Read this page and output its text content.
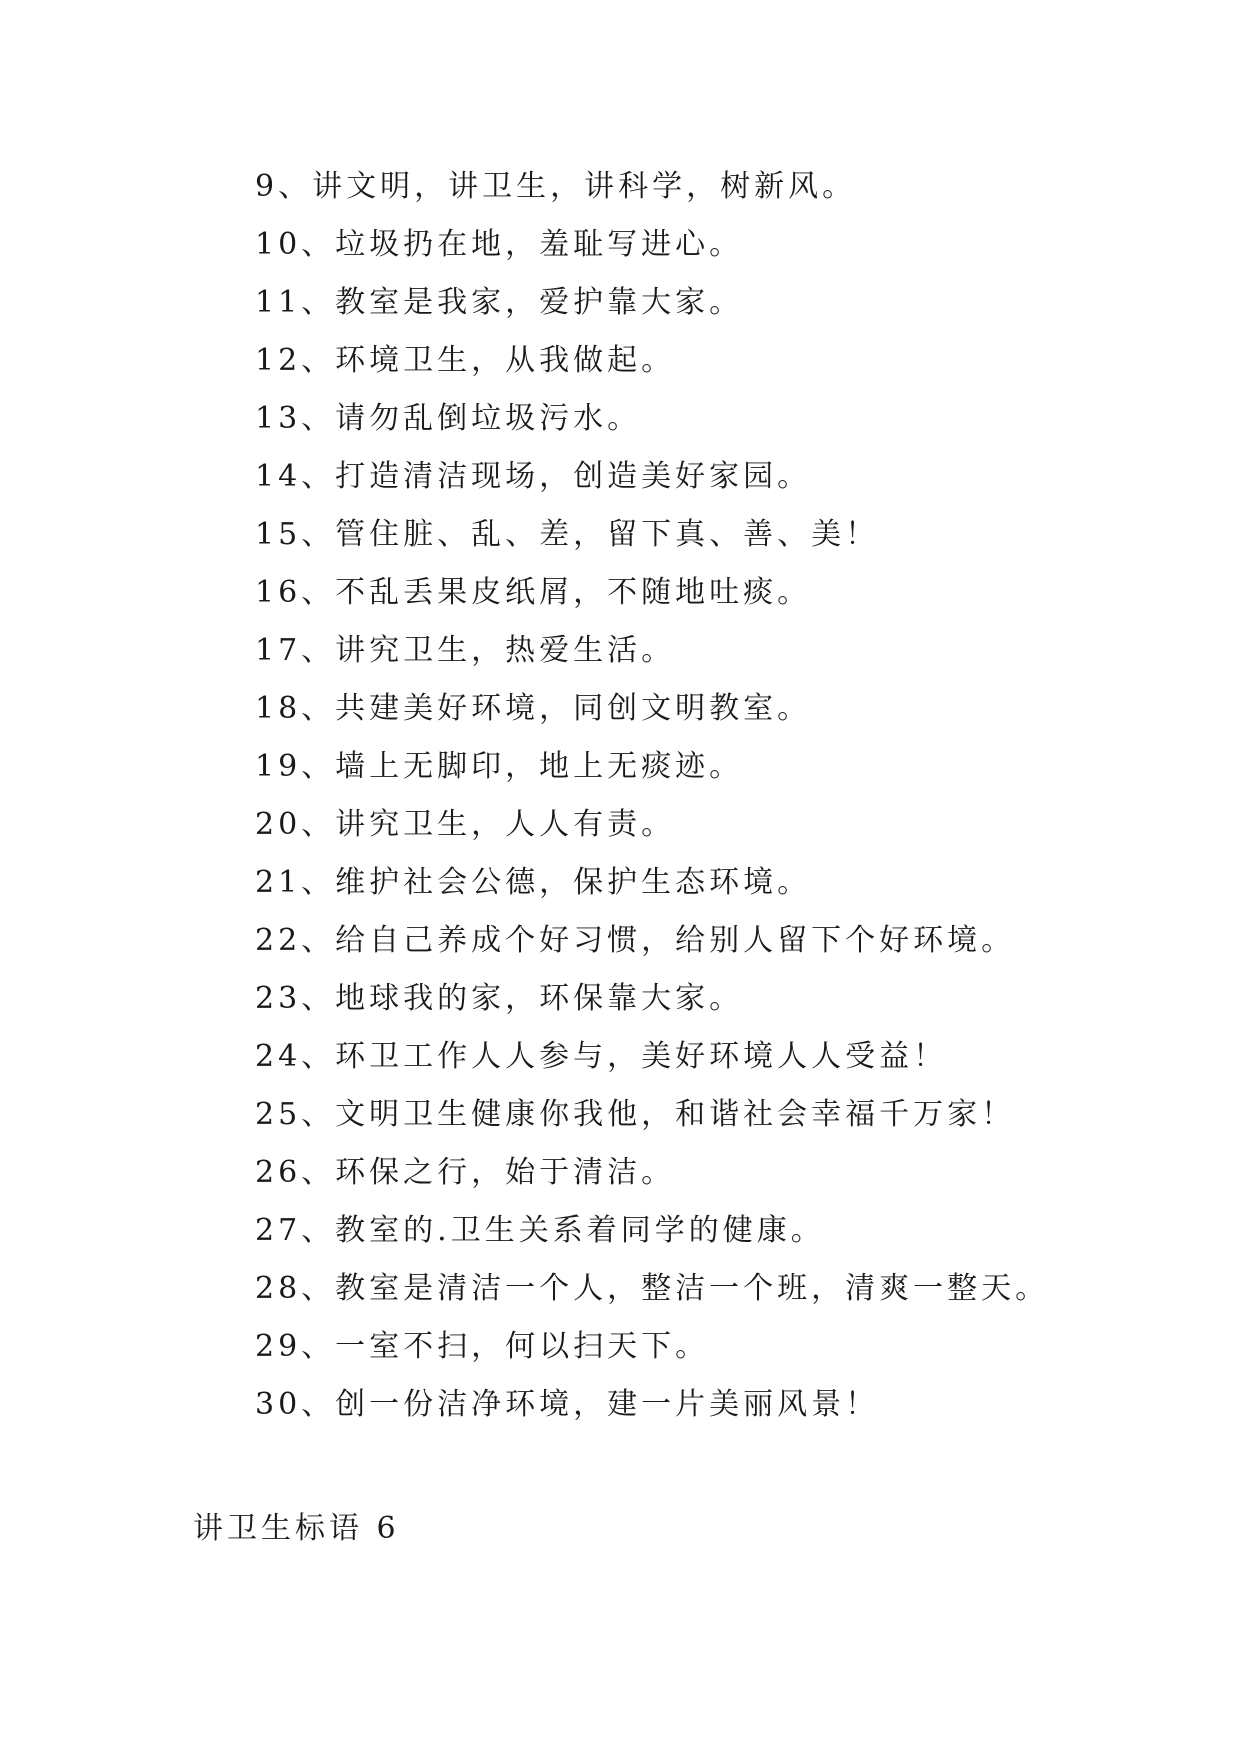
9、讲文明，讲卫生，讲科学，树新风。
10、垃圾扔在地，羞耻写进心。
11、教室是我家，爱护靠大家。
12、环境卫生，从我做起。
13、请勿乱倒垃圾污水。
14、打造清洁现场，创造美好家园。
15、管住脏、乱、差，留下真、善、美！
16、不乱丢果皮纸屑，不随地吐痰。
17、讲究卫生，热爱生活。
18、共建美好环境，同创文明教室。
19、墙上无脚印，地上无痰迹。
20、讲究卫生，人人有责。
21、维护社会公德，保护生态环境。
22、给自己养成个好习惯，给别人留下个好环境。
23、地球我的家，环保靠大家。
24、环卫工作人人参与，美好环境人人受益！
25、文明卫生健康你我他，和谐社会幸福千万家！
26、环保之行，始于清洁。
27、教室的.卫生关系着同学的健康。
28、教室是清洁一个人，整洁一个班，清爽一整天。
29、一室不扫，何以扫天下。
30、创一份洁净环境，建一片美丽风景！
讲卫生标语 6
